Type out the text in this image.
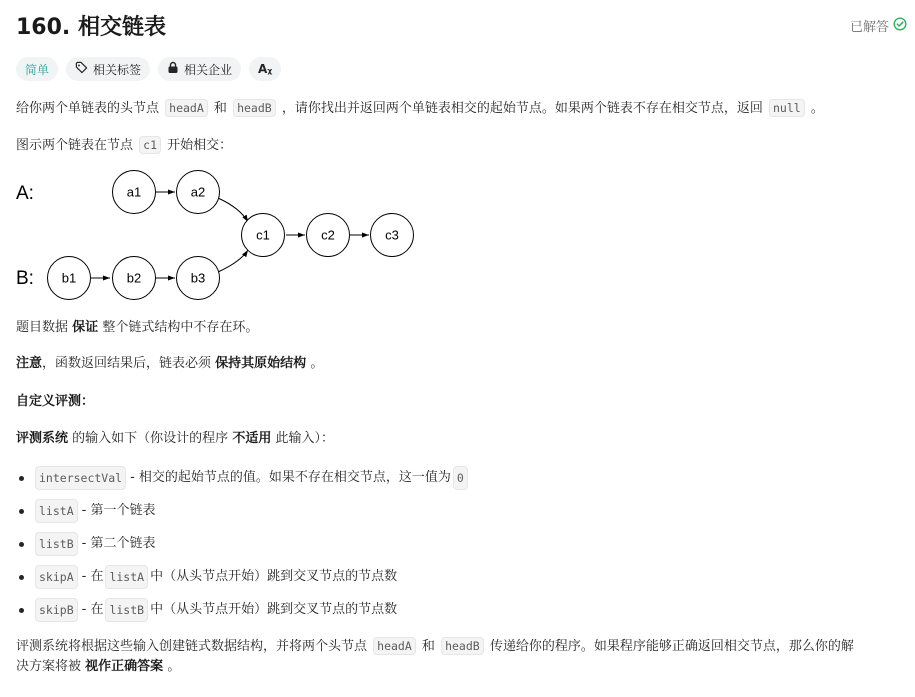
160. 相交链表	已解答
简单	相关标签	相关企业 Aᵪ
给你两个单链表的头节点 headA 和 headB ，请你找出并返回两个单链表相交的起始节点。如果两个链表不存在相交节点，返回 null 。
图示两个链表在节点 c1 开始相交：
A:
B:
a1	a2
c1	c2	c3
b1	b2	b3
题目数据 保证 整个链式结构中不存在环。
注意，函数返回结果后，链表必须 保持其原始结构 。
自定义评测：
评测系统 的输入如下（你设计的程序 不适用 此输入）：
intersectVal - 相交的起始节点的值。如果不存在相交节点，这一值为 0
listA - 第一个链表
listB - 第二个链表
skipA - 在 listA 中（从头节点开始）跳到交叉节点的节点数
skipB - 在 listB 中（从头节点开始）跳到交叉节点的节点数
评测系统将根据这些输入创建链式数据结构，并将两个头节点 headA 和 headB 传递给你的程序。如果程序能够正确返回相交节点，那么你的解
决方案将被 视作正确答案 。
